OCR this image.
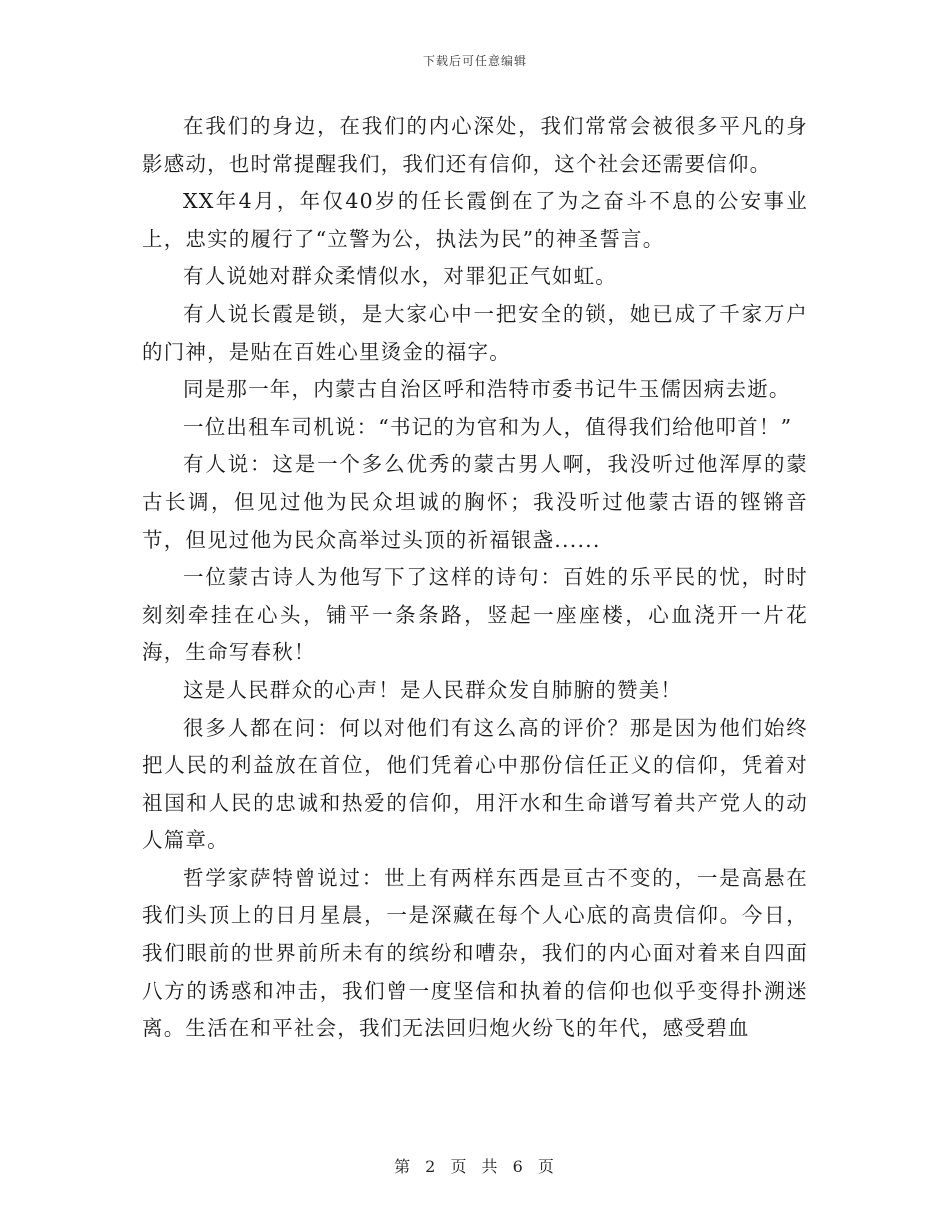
下载后可任意编辑

在我们的身边，在我们的内心深处，我们常常会被很多平凡的身影感动，也时常提醒我们，我们还有信仰，这个社会还需要信仰。

XX年4月，年仅40岁的任长霞倒在了为之奋斗不息的公安事业上，忠实的履行了“立警为公，执法为民”的神圣誓言。

有人说她对群众柔情似水，对罪犯正气如虹。

有人说长霞是锁，是大家心中一把安全的锁，她已成了千家万户的门神，是贴在百姓心里烫金的福字。

同是那一年，内蒙古自治区呼和浩特市委书记牛玉儒因病去逝。

一位出租车司机说：“书记的为官和为人，值得我们给他叩首！”

有人说：这是一个多么优秀的蒙古男人啊，我没听过他浑厚的蒙古长调，但见过他为民众坦诚的胸怀；我没听过他蒙古语的铿锵音节，但见过他为民众高举过头顶的祈福银盏......

一位蒙古诗人为他写下了这样的诗句：百姓的乐平民的忧，时时刻刻牵挂在心头，铺平一条条路，竖起一座座楼，心血浇开一片花海，生命写春秋！

这是人民群众的心声！是人民群众发自肺腑的赞美！

很多人都在问：何以对他们有这么高的评价？那是因为他们始终把人民的利益放在首位，他们凭着心中那份信任正义的信仰，凭着对祖国和人民的忠诚和热爱的信仰，用汗水和生命谱写着共产党人的动人篇章。

哲学家萨特曾说过：世上有两样东西是亘古不变的，一是高悬在我们头顶上的日月星晨，一是深藏在每个人心底的高贵信仰。今日，我们眼前的世界前所未有的缤纷和嘈杂，我们的内心面对着来自四面八方的诱惑和冲击，我们曾一度坚信和执着的信仰也似乎变得扑溯迷离。生活在和平社会，我们无法回归炮火纷飞的年代，感受碧血

第 2 页 共 6 页
